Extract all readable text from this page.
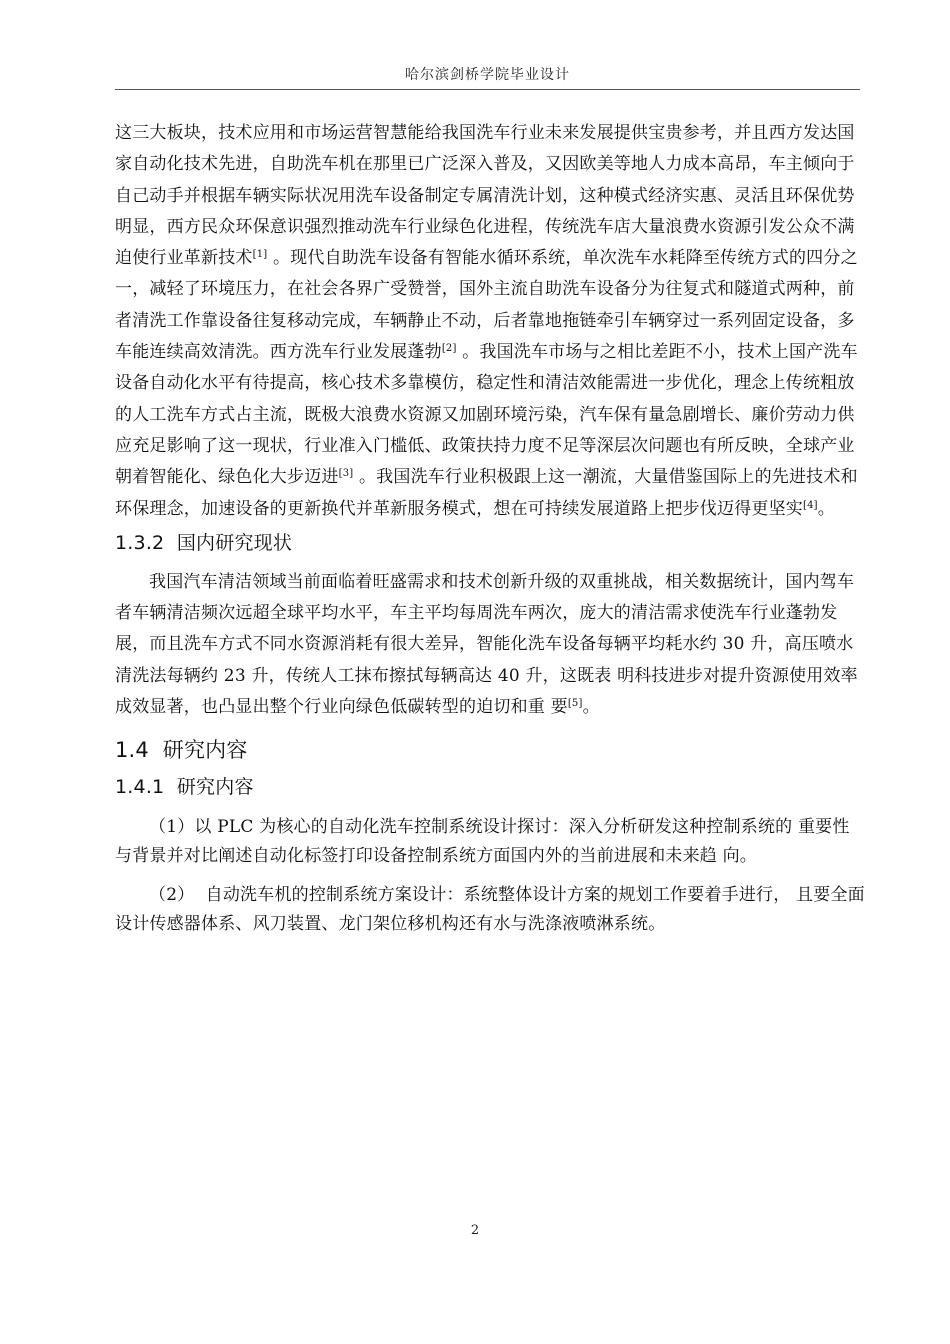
哈尔滨剑桥学院毕业设计

这三大板块，技术应用和市场运营智慧能给我国洗车行业未来发展提供宝贵参考，并且西方发达国家自动化技术先进，自助洗车机在那里已广泛深入普及，又因欧美等地人力成本高昂，车主倾向于自己动手并根据车辆实际状况用洗车设备制定专属清洗计划，这种模式经济实惠、灵活且环保优势明显，西方民众环保意识强烈推动洗车行业绿色化进程，传统洗车店大量浪费水资源引发公众不满迫使行业革新技术[1] 。现代自助洗车设备有智能水循环系统，单次洗车水耗降至传统方式的四分之一，减轻了环境压力，在社会各界广受赞誉，国外主流自助洗车设备分为往复式和隧道式两种，前者清洗工作靠设备往复移动完成，车辆静止不动，后者靠地拖链牵引车辆穿过一系列固定设备，多车能连续高效清洗。西方洗车行业发展蓬勃[2] 。我国洗车市场与之相比差距不小，技术上国产洗车设备自动化水平有待提高，核心技术多靠模仿，稳定性和清洁效能需进一步优化，理念上传统粗放的人工洗车方式占主流，既极大浪费水资源又加剧环境污染，汽车保有量急剧增长、廉价劳动力供应充足影响了这一现状，行业准入门槛低、政策扶持力度不足等深层次问题也有所反映，全球产业朝着智能化、绿色化大步迈进[3] 。我国洗车行业积极跟上这一潮流，大量借鉴国际上的先进技术和环保理念，加速设备的更新换代并革新服务模式，想在可持续发展道路上把步伐迈得更坚实[4]。

1.3.2 国内研究现状

我国汽车清洁领域当前面临着旺盛需求和技术创新升级的双重挑战，相关数据统计，国内驾车者车辆清洁频次远超全球平均水平，车主平均每周洗车两次，庞大的清洁需求使洗车行业蓬勃发展，而且洗车方式不同水资源消耗有很大差异，智能化洗车设备每辆平均耗水约 30 升，高压喷水清洗法每辆约 23 升，传统人工抹布擦拭每辆高达 40 升，这既表 明科技进步对提升资源使用效率成效显著，也凸显出整个行业向绿色低碳转型的迫切和重 要[5]。

1.4 研究内容

1.4.1 研究内容

（1）以 PLC 为核心的自动化洗车控制系统设计探讨：深入分析研发这种控制系统的 重要性与背景并对比阐述自动化标签打印设备控制系统方面国内外的当前进展和未来趋 向。

（2） 自动洗车机的控制系统方案设计：系统整体设计方案的规划工作要着手进行， 且要全面设计传感器体系、风刀装置、龙门架位移机构还有水与洗涤液喷淋系统。

2
